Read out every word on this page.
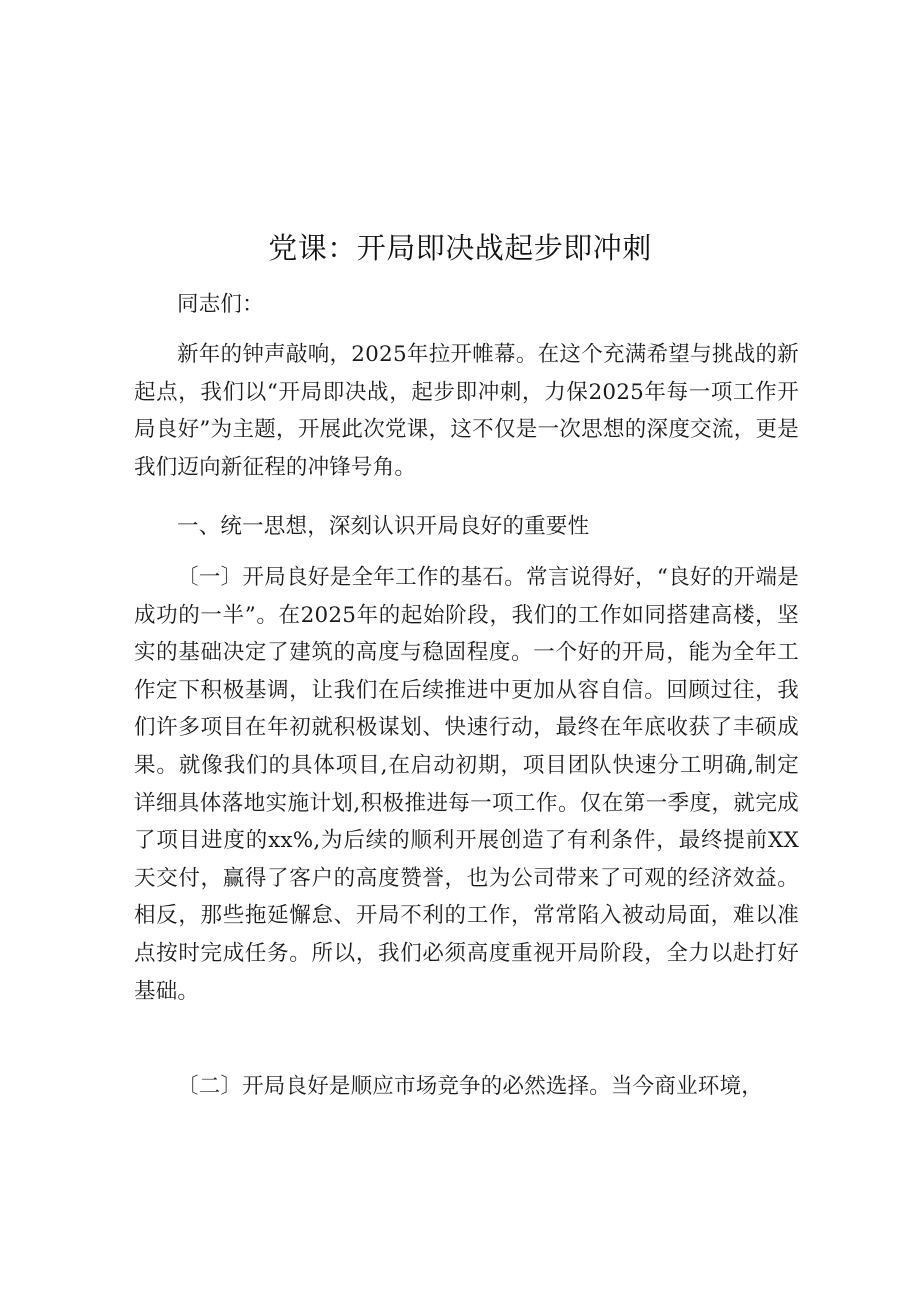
党课：开局即决战起步即冲刺

同志们：

新年的钟声敲响，2025年拉开帷幕。在这个充满希望与挑战的新起点，我们以“开局即决战，起步即冲刺，力保2025年每一项工作开局良好”为主题，开展此次党课，这不仅是一次思想的深度交流，更是我们迈向新征程的冲锋号角。

一、统一思想，深刻认识开局良好的重要性

〔一〕开局良好是全年工作的基石。常言说得好，“良好的开端是成功的一半”。在2025年的起始阶段，我们的工作如同搭建高楼，坚实的基础决定了建筑的高度与稳固程度。一个好的开局，能为全年工作定下积极基调，让我们在后续推进中更加从容自信。回顾过往，我们许多项目在年初就积极谋划、快速行动，最终在年底收获了丰硕成果。就像我们的具体项目,在启动初期，项目团队快速分工明确,制定详细具体落地实施计划,积极推进每一项工作。仅在第一季度，就完成了项目进度的xx%,为后续的顺利开展创造了有利条件，最终提前XX天交付，赢得了客户的高度赞誉，也为公司带来了可观的经济效益。相反，那些拖延懈怠、开局不利的工作，常常陷入被动局面，难以准点按时完成任务。所以，我们必须高度重视开局阶段，全力以赴打好基础。

〔二〕开局良好是顺应市场竞争的必然选择。当今商业环境，
